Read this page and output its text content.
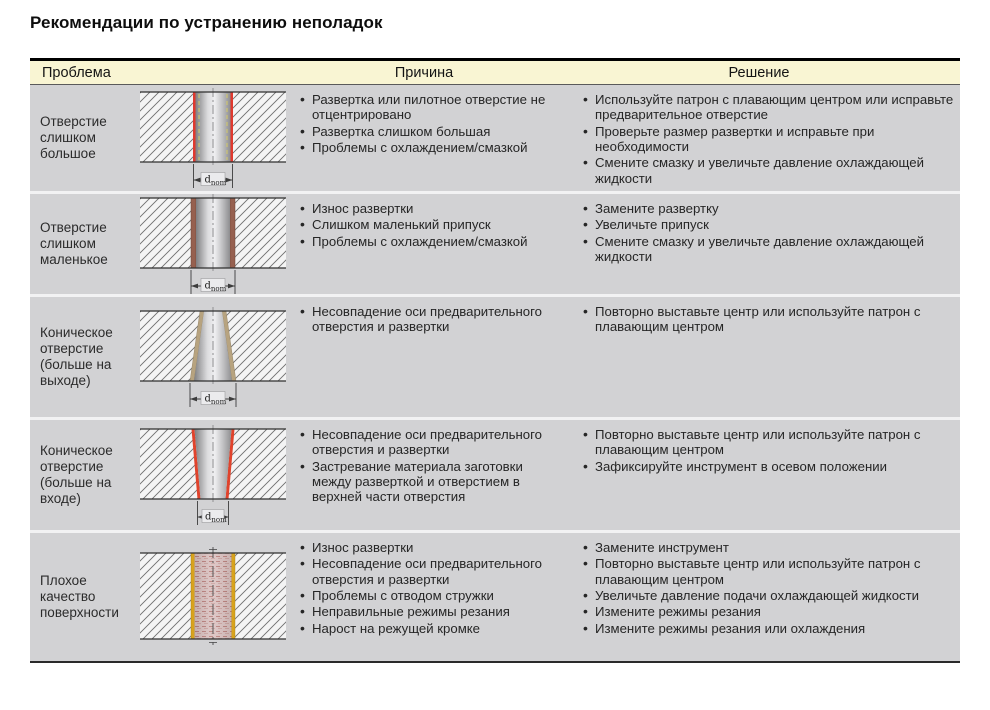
Рекомендации по устранению неполадок
Проблема	Причина	Решение
Отверстие слишком большое
$d_{nom}$
• Развертка или пилотное отверстие не отцентрировано
• Развертка слишком большая
• Проблемы с охлаждением/смазкой
• Используйте патрон с плавающим центром или исправьте предварительное отверстие
• Проверьте размер развертки и исправьте при необходимости
• Смените смазку и увеличьте давление охлаждающей жидкости
Отверстие слишком маленькое
$d_{nom}$
• Износ развертки
• Слишком маленький припуск
• Проблемы с охлаждением/смазкой
• Замените развертку
• Увеличьте припуск
• Смените смазку и увеличьте давление охлаждающей жидкости
Коническое отверстие (больше на выходе)
$d_{nom}$
• Несовпадение оси предварительного отверстия и развертки
• Повторно выставьте центр или используйте патрон с плавающим центром
Коническое отверстие (больше на входе)
$d_{nom}$
• Несовпадение оси предварительного отверстия и развертки
• Застревание материала заготовки между разверткой и отверстием в верхней части отверстия
• Повторно выставьте центр или используйте патрон с плавающим центром
• Зафиксируйте инструмент в осевом положении
Плохое качество поверхности
• Износ развертки
• Несовпадение оси предварительного отверстия и развертки
• Проблемы с отводом стружки
• Неправильные режимы резания
• Нарост на режущей кромке
• Замените инструмент
• Повторно выставьте центр или используйте патрон с плавающим центром
• Увеличьте давление подачи охлаждающей жидкости
• Измените режимы резания
• Измените режимы резания или охлаждения
